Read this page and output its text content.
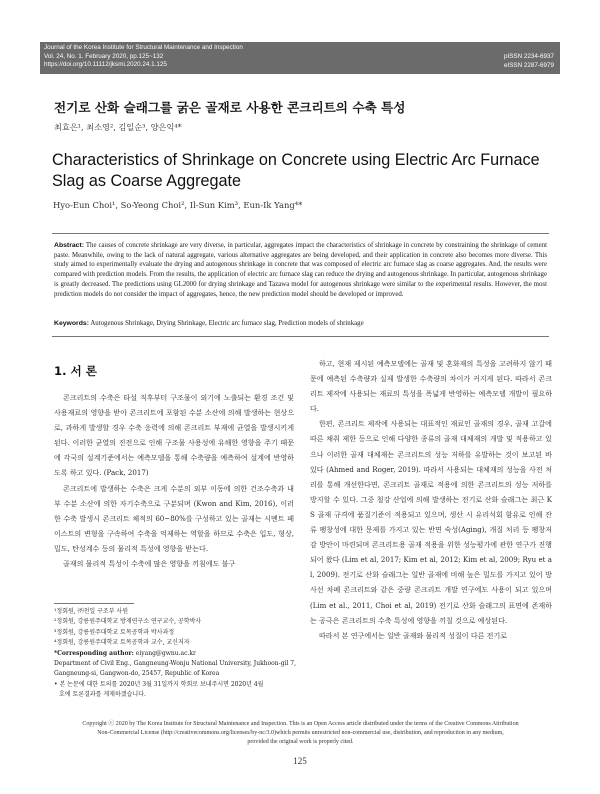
Journal of the Korea Institute for Structural Maintenance and Inspection
Vol. 24, No. 1. February 2020, pp.125~132
https://doi.org/10.11112/jksmi.2020.24.1.125
pISSN 2234-6937
eISSN 2287-6979
전기로 산화 슬래그를 굵은 골재로 사용한 콘크리트의 수축 특성
최효은¹, 최소영², 김일순³, 양은익⁴*
Characteristics of Shrinkage on Concrete using Electric Arc Furnace Slag as Coarse Aggregate
Hyo-Eun Choi¹, So-Yeong Choi², Il-Sun Kim³, Eun-Ik Yang⁴*
Abstract: The causes of concrete shrinkage are very diverse, in particular, aggregates impact the characteristics of shrinkage in concrete by constraining the shrinkage of cement paste. Meanwhile, owing to the lack of natural aggregate, various alternative aggregates are being developed, and their application in concrete also becomes more diverse. This study aimed to experimentally evaluate the drying and autogenous shrinkage in concrete that was composed of electric arc furnace slag as coarse aggregates. And, the results were compared with prediction models. From the results, the application of electric arc furnace slag can reduce the drying and autogenous shrinkage. In particular, autogenous shrinkage is greatly decreased. The predictions using GL2000 for drying shrinkage and Tazawa model for autogenous shrinkage were similar to the experimental results. However, the most prediction models do not consider the impact of aggregates, hence, the new prediction model should be developed or improved.
Keywords: Autogenous Shrinkage, Drying Shrinkage, Electric arc furnace slag, Prediction models of shrinkage
1. 서 론

콘크리트의 수축은 타설 직후부터 구조물이 외기에 노출되는 환경 조건 및 사용재료의 영향을 받아 콘크리트에 포함된 수분 소산에 의해 발생하는 현상으로, 과하게 발생할 경우 수축 응력에 의해 콘크리트 부재에 균열을 발생시키게 된다. 이러한 균열의 진전으로 인해 구조물 사용성에 유해한 영향을 주기 때문에 각국의 설계기준에서는 예측모델을 통해 수축량을 예측하여 설계에 반영하도록 하고 있다. (Pack, 2017)

콘크리트에 발생하는 수축은 크게 수분의 외부 이동에 의한 건조수축과 내부 수분 소산에 의한 자기수축으로 구분되며 (Kwon and Kim, 2016), 이러한 수축 발생시 콘크리트 체적의 60~80%를 구성하고 있는 골재는 시멘트 페이스트의 변형을 구속하여 수축을 억제하는 역할을 하므로 수축은 입도, 형상, 밀도, 탄성계수 등의 물리적 특성에 영향을 받는다.

골재의 물리적 특성이 수축에 많은 영향을 끼침에도 불구

하고, 현재 제시된 예측모델에는 골재 및 혼화재의 특성을 고려하지 않기 때문에 예측된 수축량과 실제 발생한 수축량의 차이가 커지게 된다. 따라서 콘크리트 제작에 사용되는 재료의 특성을 폭넓게 반영하는 예측모델 개발이 필요하다.

한편, 콘크리트 제작에 사용되는 대표적인 재료인 골재의 경우, 골재 고갈에 따른 채취 제한 등으로 인해 다양한 종류의 골재 대체재의 개발 및 적용하고 있으나 이러한 골재 대체재는 콘크리트의 성능 저하를 유발하는 것이 보고된 바 있다 (Ahmed and Roger, 2019). 따라서 사용되는 대체재의 성능을 사전 처리를 통해 개선한다면, 콘크리트 골재로 적용에 의한 콘크리트의 성능 저하를 방지할 수 있다. 그중 철강 산업에 의해 발생하는 전기로 산화 슬래그는 최근 KS 골재 규격에 품질기준이 적용되고 있으며, 생산 시 유리석회 함유로 인해 잔류 팽창성에 대한 문제를 가지고 있는 반면 숙성(Aging), 개질 처리 등 팽창저감 방안이 마련되며 콘크리트용 골재 적용을 위한 성능평가에 관한 연구가 진행되어 왔다 (Lim et al, 2017; Kim et al, 2012; Kim et al, 2009; Ryu et al, 2009). 전기로 산화 슬래그는 일반 골재에 비해 높은 밀도를 가지고 있어 방사선 차폐 콘크리트와 같은 중량 콘크리트 개발 연구에도 사용이 되고 있으며 (Lim et al., 2011, Choi et al, 2019) 전기로 산화 슬래그의 표면에 존재하는 공극은 콘크리트의 수축 특성에 영향을 끼칠 것으로 예상된다.

따라서 본 연구에서는 일반 골재와 물리적 성질이 다른 전기로

¹정회원, ㈜천일 구조부 사원
²정회원, 강릉원주대학교 방재연구소 연구교수, 공학박사
³정회원, 강릉원주대학교 토목공학과 박사과정
⁴정회원, 강릉원주대학교 토목공학과 교수, 교신저자
*Corresponding author: eiyang@gwnu.ac.kr
Department of Civil Eng., Gangneung-Wonju National University, Jukhoon-gil 7,
Gangneung-si, Gangwon-do, 25457, Republic of Korea
• 본 논문에 대한 토의를 2020년 3월 31일까지 학회로 보내주시면 2020년 4월
호에 토론결과를 게재하겠습니다.
Copyright ⓒ 2020 by The Korea Institute for Structural Maintenance and Inspection. This is an Open Access article distributed under the terms of the Creative Commons Attribution
Non-Commercial License (http://creativecommons.org/licenses/by-nc/3.0)which permits unrestricted non-commercial use, distribution, and reproduction in any medium,
provided the original work is properly cited.
125
